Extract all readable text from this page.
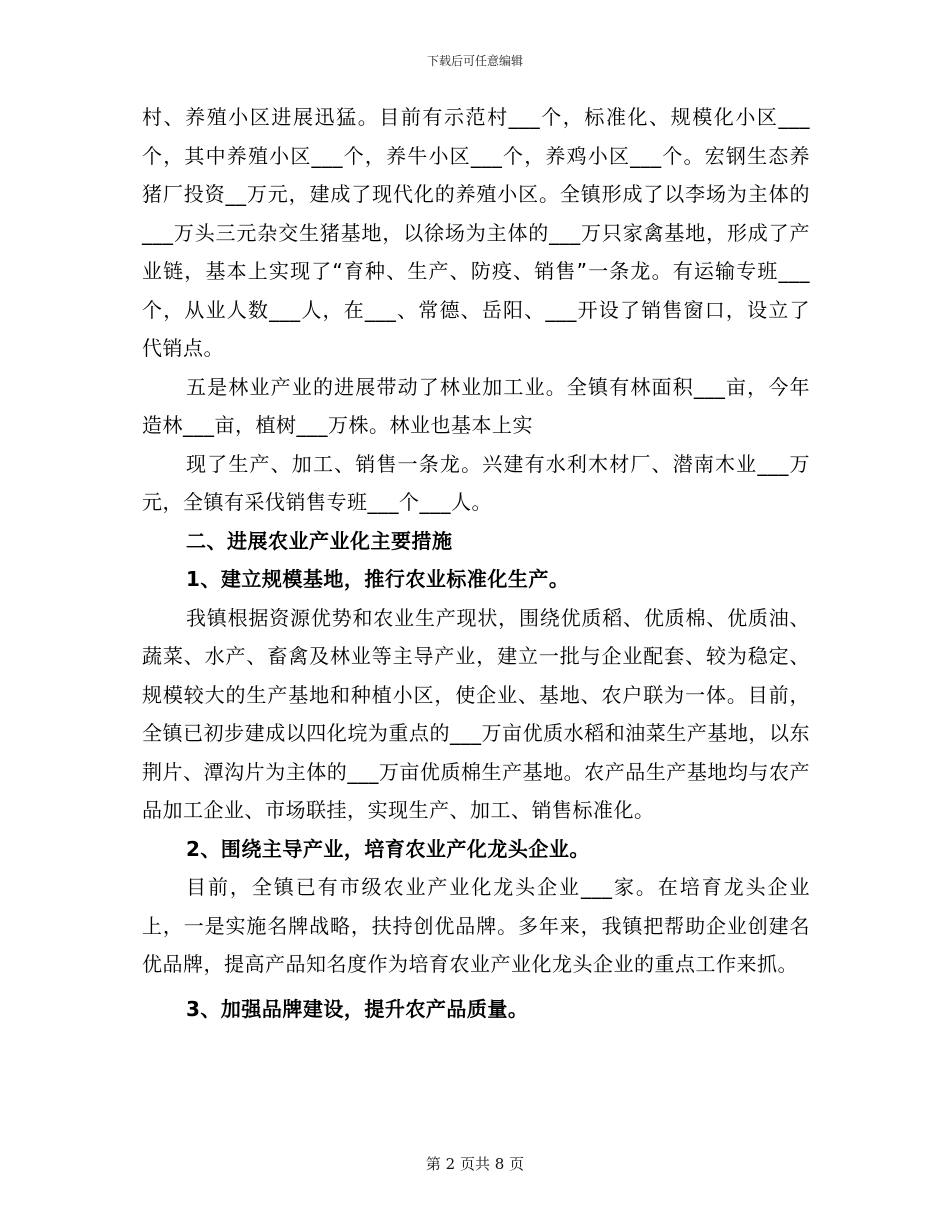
下载后可任意编辑

村、养殖小区进展迅猛。目前有示范村___个，标准化、规模化小区___个，其中养殖小区___个，养牛小区___个，养鸡小区___个。宏钢生态养猪厂投资__万元，建成了现代化的养殖小区。全镇形成了以李场为主体的___万头三元杂交生猪基地，以徐场为主体的___万只家禽基地，形成了产业链，基本上实现了“育种、生产、防疫、销售”一条龙。有运输专班___个，从业人数___人，在___、常德、岳阳、___开设了销售窗口，设立了代销点。

五是林业产业的进展带动了林业加工业。全镇有林面积___亩，今年造林___亩，植树___万株。林业也基本上实

现了生产、加工、销售一条龙。兴建有水利木材厂、潜南木业___万元，全镇有采伐销售专班___个___人。

二、进展农业产业化主要措施

1、建立规模基地，推行农业标准化生产。

我镇根据资源优势和农业生产现状，围绕优质稻、优质棉、优质油、蔬菜、水产、畜禽及林业等主导产业，建立一批与企业配套、较为稳定、规模较大的生产基地和种植小区，使企业、基地、农户联为一体。目前，全镇已初步建成以四化垸为重点的___万亩优质水稻和油菜生产基地，以东荆片、潭沟片为主体的___万亩优质棉生产基地。农产品生产基地均与农产品加工企业、市场联挂，实现生产、加工、销售标准化。

2、围绕主导产业，培育农业产化龙头企业。

目前，全镇已有市级农业产业化龙头企业___家。在培育龙头企业上，一是实施名牌战略，扶持创优品牌。多年来，我镇把帮助企业创建名优品牌，提高产品知名度作为培育农业产业化龙头企业的重点工作来抓。

3、加强品牌建设，提升农产品质量。

第 2 页共 8 页
